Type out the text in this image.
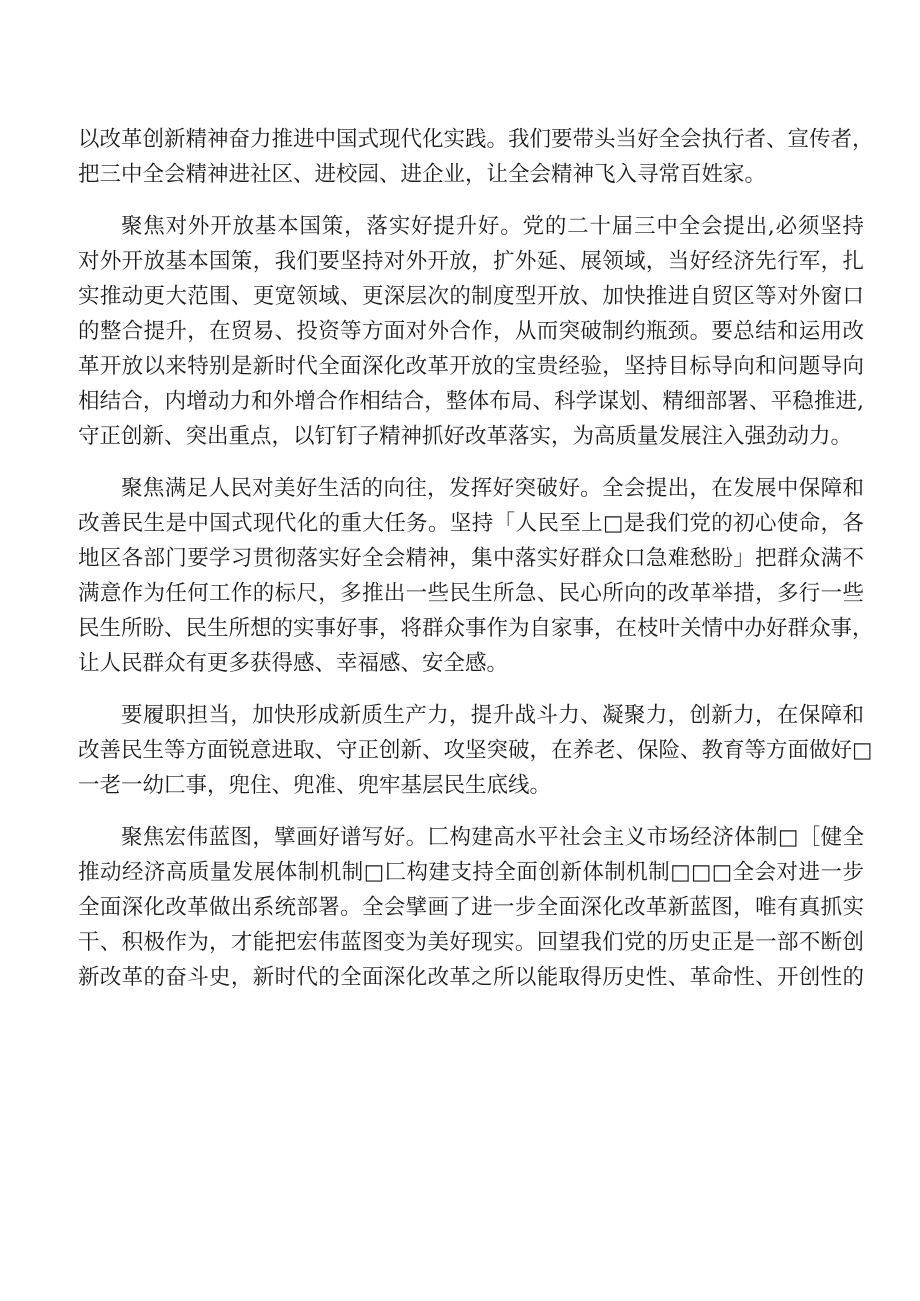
以改革创新精神奋力推进中国式现代化实践。我们要带头当好全会执行者、宣传者，
把三中全会精神进社区、进校园、进企业，让全会精神飞入寻常百姓家。
聚焦对外开放基本国策，落实好提升好。党的二十届三中全会提出,必须坚持
对外开放基本国策，我们要坚持对外开放，扩外延、展领域，当好经济先行军，扎
实推动更大范围、更宽领域、更深层次的制度型开放、加快推进自贸区等对外窗口
的整合提升，在贸易、投资等方面对外合作，从而突破制约瓶颈。要总结和运用改
革开放以来特别是新时代全面深化改革开放的宝贵经验，坚持目标导向和问题导向
相结合，内增动力和外增合作相结合，整体布局、科学谋划、精细部署、平稳推进,
守正创新、突出重点，以钉钉子精神抓好改革落实，为高质量发展注入强劲动力。
聚焦满足人民对美好生活的向往，发挥好突破好。全会提出，在发展中保障和
改善民生是中国式现代化的重大任务。坚持「人民至上□是我们党的初心使命，各
地区各部门要学习贯彻落实好全会精神，集中落实好群众口急难愁盼」把群众满不
满意作为任何工作的标尺，多推出一些民生所急、民心所向的改革举措，多行一些
民生所盼、民生所想的实事好事，将群众事作为自家事，在枝叶关情中办好群众事，
让人民群众有更多获得感、幸福感、安全感。
要履职担当，加快形成新质生产力，提升战斗力、凝聚力，创新力，在保障和
改善民生等方面锐意进取、守正创新、攻坚突破，在养老、保险、教育等方面做好□
一老一幼匚事，兜住、兜准、兜牢基层民生底线。
聚焦宏伟蓝图，擘画好谱写好。匚构建高水平社会主义市场经济体制□［健全
推动经济高质量发展体制机制□匚构建支持全面创新体制机制□□□全会对进一步
全面深化改革做出系统部署。全会擘画了进一步全面深化改革新蓝图，唯有真抓实
干、积极作为，才能把宏伟蓝图变为美好现实。回望我们党的历史正是一部不断创
新改革的奋斗史，新时代的全面深化改革之所以能取得历史性、革命性、开创性的
